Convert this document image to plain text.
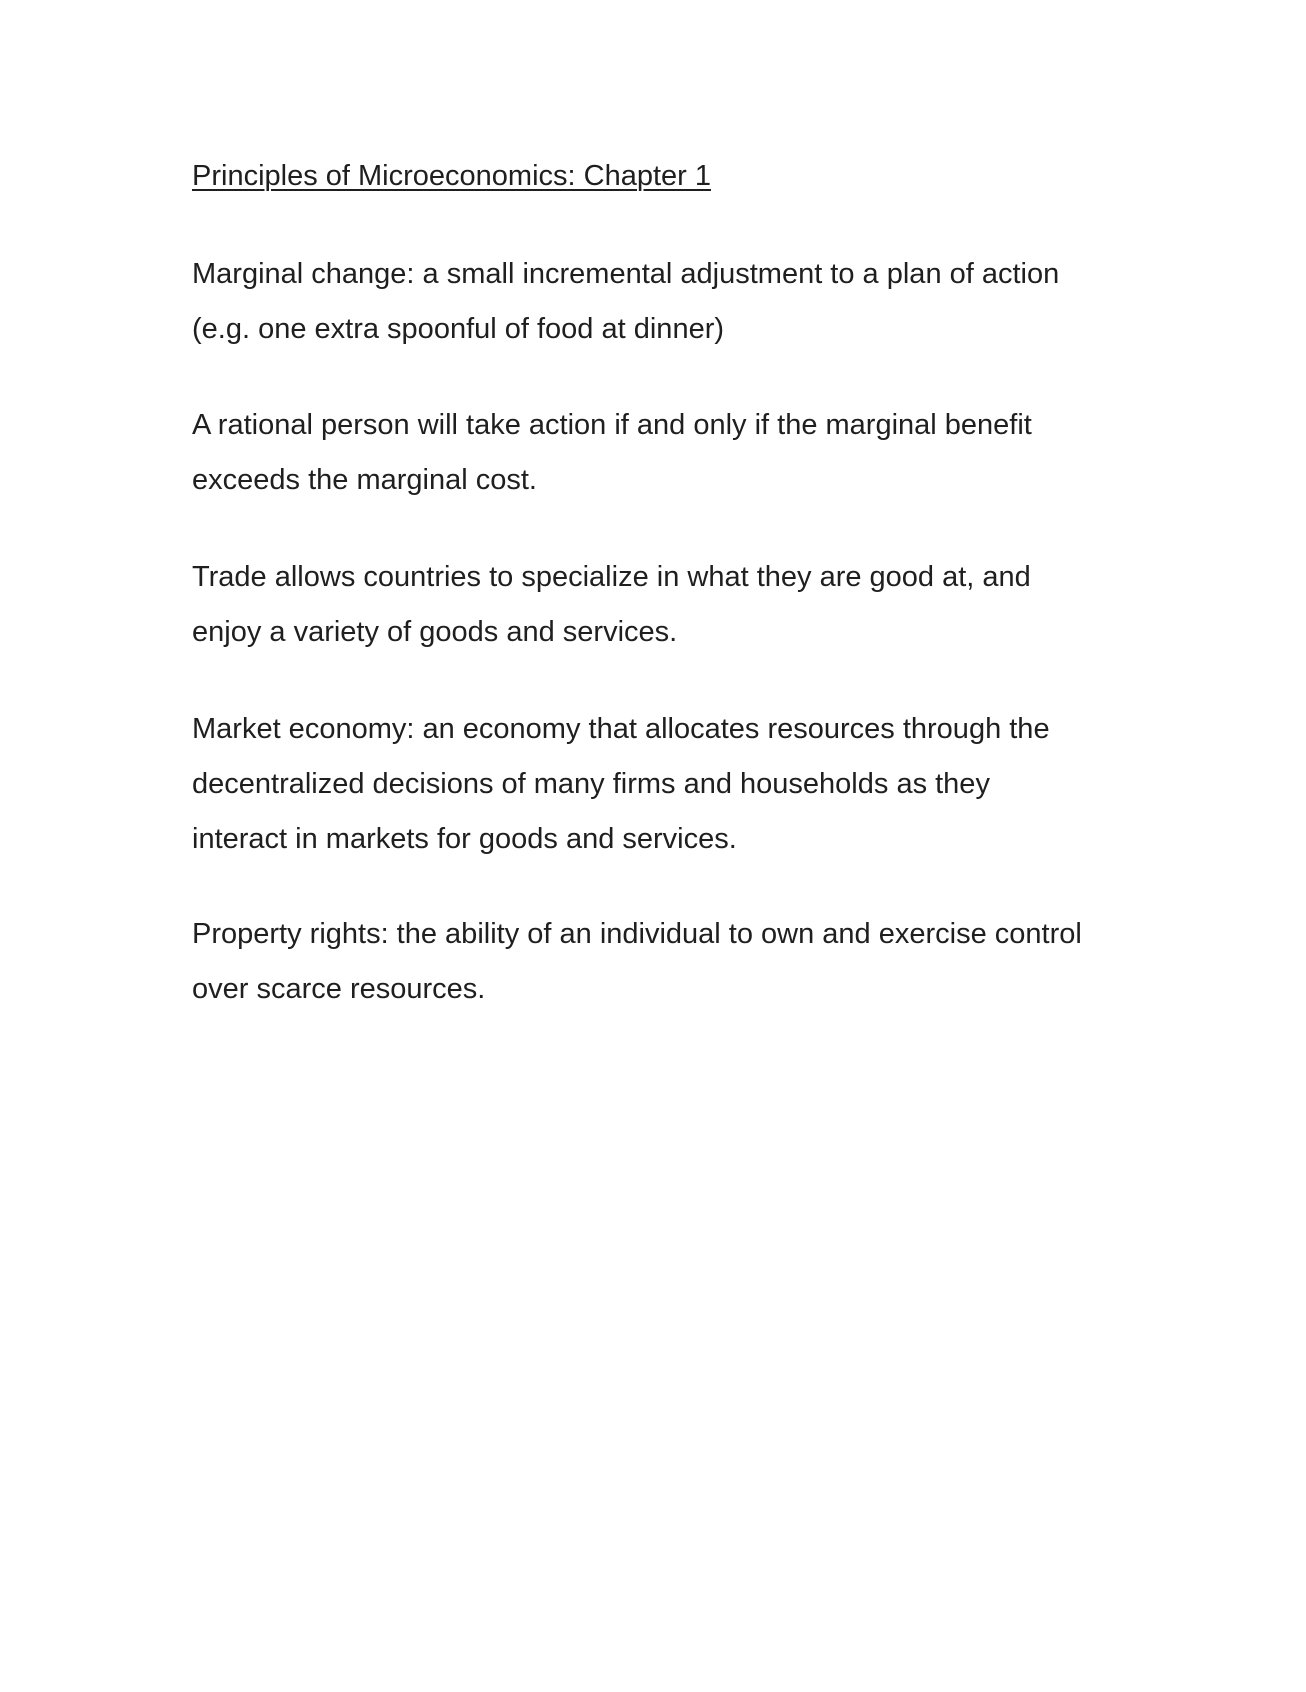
Principles of Microeconomics: Chapter 1

Marginal change: a small incremental adjustment to a plan of action
(e.g. one extra spoonful of food at dinner)

A rational person will take action if and only if the marginal benefit
exceeds the marginal cost.

Trade allows countries to specialize in what they are good at, and
enjoy a variety of goods and services.

Market economy: an economy that allocates resources through the
decentralized decisions of many firms and households as they
interact in markets for goods and services.

Property rights: the ability of an individual to own and exercise control
over scarce resources.
